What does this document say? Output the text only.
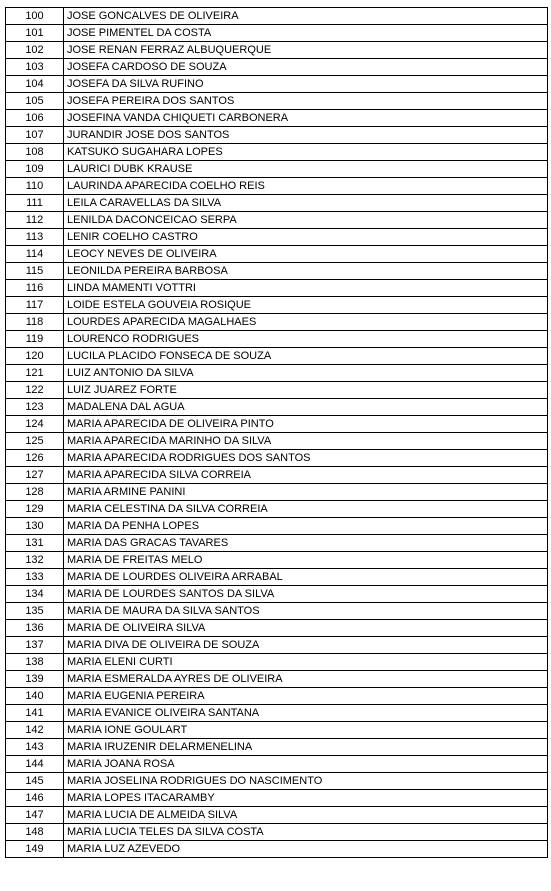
100	JOSE GONCALVES DE OLIVEIRA
101	JOSE PIMENTEL DA COSTA
102	JOSE RENAN FERRAZ ALBUQUERQUE
103	JOSEFA CARDOSO DE SOUZA
104	JOSEFA DA SILVA RUFINO
105	JOSEFA PEREIRA DOS SANTOS
106	JOSEFINA VANDA CHIQUETI CARBONERA
107	JURANDIR JOSE DOS SANTOS
108	KATSUKO SUGAHARA LOPES
109	LAURICI DUBK KRAUSE
110	LAURINDA APARECIDA COELHO REIS
111	LEILA CARAVELLAS DA SILVA
112	LENILDA DACONCEICAO SERPA
113	LENIR COELHO CASTRO
114	LEOCY NEVES DE OLIVEIRA
115	LEONILDA PEREIRA BARBOSA
116	LINDA MAMENTI VOTTRI
117	LOIDE ESTELA GOUVEIA ROSIQUE
118	LOURDES APARECIDA MAGALHAES
119	LOURENCO RODRIGUES
120	LUCILA PLACIDO FONSECA DE SOUZA
121	LUIZ ANTONIO DA SILVA
122	LUIZ JUAREZ FORTE
123	MADALENA DAL AGUA
124	MARIA APARECIDA DE OLIVEIRA PINTO
125	MARIA APARECIDA MARINHO DA SILVA
126	MARIA APARECIDA RODRIGUES DOS SANTOS
127	MARIA APARECIDA SILVA CORREIA
128	MARIA ARMINE PANINI
129	MARIA CELESTINA DA SILVA CORREIA
130	MARIA DA PENHA LOPES
131	MARIA DAS GRACAS TAVARES
132	MARIA DE FREITAS MELO
133	MARIA DE LOURDES OLIVEIRA ARRABAL
134	MARIA DE LOURDES SANTOS DA SILVA
135	MARIA DE MAURA DA SILVA SANTOS
136	MARIA DE OLIVEIRA SILVA
137	MARIA DIVA DE OLIVEIRA DE SOUZA
138	MARIA ELENI CURTI
139	MARIA ESMERALDA AYRES DE OLIVEIRA
140	MARIA EUGENIA PEREIRA
141	MARIA EVANICE OLIVEIRA SANTANA
142	MARIA IONE GOULART
143	MARIA IRUZENIR DELARMENELINA
144	MARIA JOANA ROSA
145	MARIA JOSELINA RODRIGUES DO NASCIMENTO
146	MARIA LOPES ITACARAMBY
147	MARIA LUCIA DE ALMEIDA SILVA
148	MARIA LUCIA TELES DA SILVA COSTA
149	MARIA LUZ AZEVEDO
